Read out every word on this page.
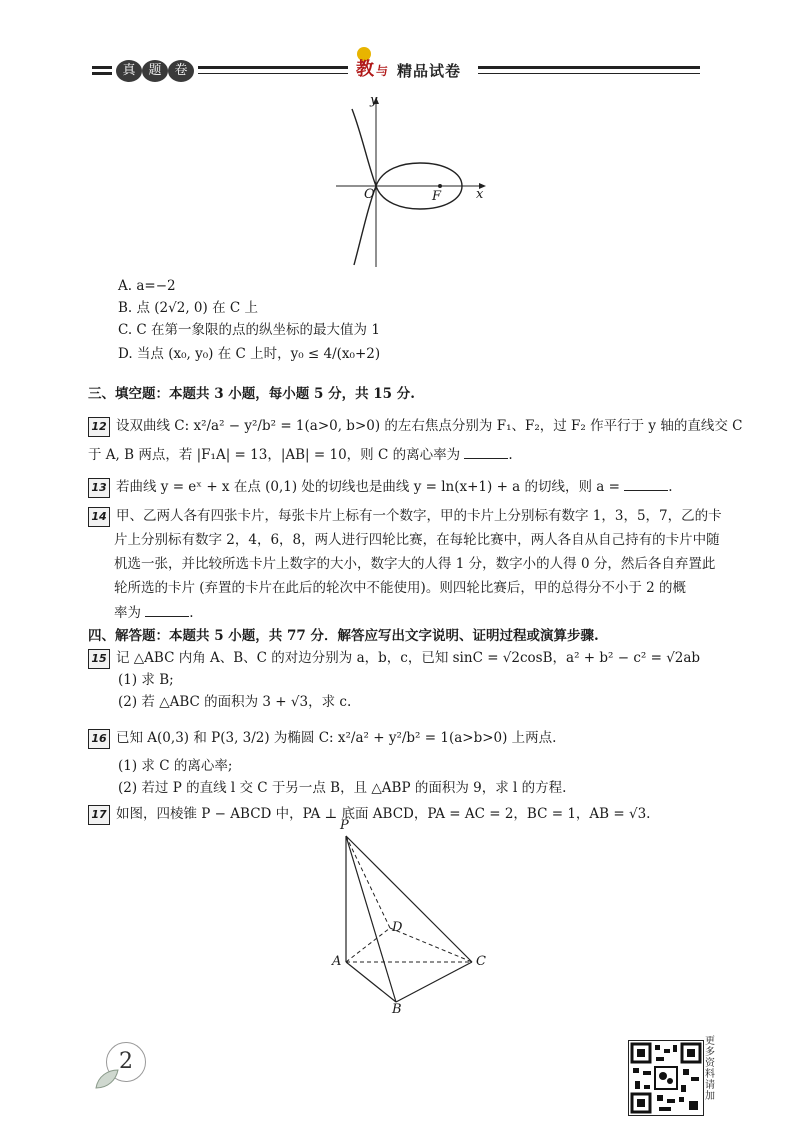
真 题 卷	教 与 精品试卷
y
x
O	F
A. a=−2
B. 点 (2√2, 0) 在 C 上
C. C 在第一象限的点的纵坐标的最大值为 1
D. 当点 (x₀, y₀) 在 C 上时，y₀ ≤ 4/(x₀+2)
三、填空题：本题共 3 小题，每小题 5 分，共 15 分.
12 设双曲线 C: x²/a² − y²/b² = 1(a>0, b>0) 的左右焦点分别为 F₁、F₂，过 F₂ 作平行于 y 轴的直线交 C
于 A, B 两点，若 |F₁A| = 13，|AB| = 10，则 C 的离心率为	.
13 若曲线 y = eˣ + x 在点 (0,1) 处的切线也是曲线 y = ln(x+1) + a 的切线，则 a =	.
14 甲、乙两人各有四张卡片，每张卡片上标有一个数字，甲的卡片上分别标有数字 1，3，5，7，乙的卡
片上分别标有数字 2，4，6，8，两人进行四轮比赛，在每轮比赛中，两人各自从自己持有的卡片中随
机选一张，并比较所选卡片上数字的大小，数字大的人得 1 分，数字小的人得 0 分，然后各自弃置此
轮所选的卡片 (弃置的卡片在此后的轮次中不能使用)。则四轮比赛后，甲的总得分不小于 2 的概
率为	.
四、解答题：本题共 5 小题，共 77 分．解答应写出文字说明、证明过程或演算步骤.
15 记 △ABC 内角 A、B、C 的对边分别为 a，b，c，已知 sinC = √2cosB，a² + b² − c² = √2ab
(1) 求 B;
(2) 若 △ABC 的面积为 3 + √3，求 c.
16 已知 A(0,3) 和 P(3, 3/2) 为椭圆 C: x²/a² + y²/b² = 1(a>b>0) 上两点.
(1) 求 C 的离心率;
(2) 若过 P 的直线 l 交 C 于另一点 B，且 △ABP 的面积为 9，求 l 的方程.
17 如图，四棱锥 P − ABCD 中，PA ⊥ 底面 ABCD，PA = AC = 2，BC = 1，AB = √3.
P
A
B
C
D
2
更多资料请加
